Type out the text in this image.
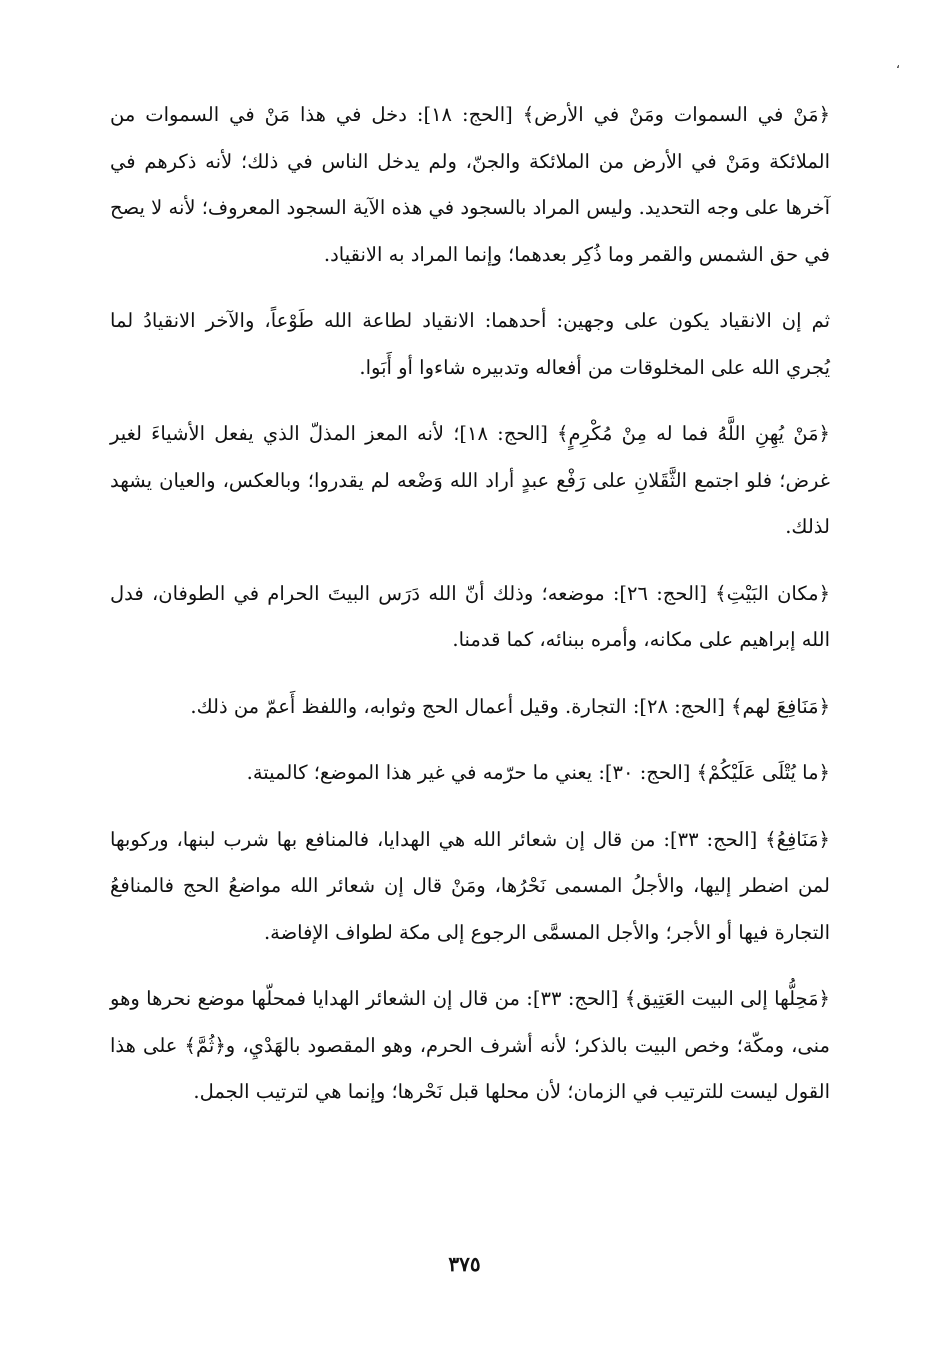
،

﴿مَنْ في السموات ومَنْ في الأرض﴾ [الحج: ١٨]: دخل في هذا مَنْ في السموات من الملائكة ومَنْ في الأرض من الملائكة والجنّ، ولم يدخل الناس في ذلك؛ لأنه ذكرهم في آخرها على وجه التحديد. وليس المراد بالسجود في هذه الآية السجود المعروف؛ لأنه لا يصح في حق الشمس والقمر وما ذُكِر بعدهما؛ وإنما المراد به الانقياد.

ثم إن الانقياد يكون على وجهين: أحدهما: الانقياد لطاعة الله طَوْعاً، والآخر الانقيادُ لما يُجري الله على المخلوقات من أفعاله وتدبيره شاءوا أو أَبَوا.

﴿مَنْ يُهِنِ اللَّهُ فما له مِنْ مُكْرِمٍ﴾ [الحج: ١٨]؛ لأنه المعز المذلّ الذي يفعل الأشياءَ لغير غرض؛ فلو اجتمع الثَّقَلانِ على رَفْع عبدٍ أراد الله وَضْعه لم يقدروا؛ وبالعكس، والعيان يشهد لذلك.

﴿مكان البَيْتِ﴾ [الحج: ٢٦]: موضعه؛ وذلك أنّ الله دَرَس البيتَ الحرام في الطوفان، فدل الله إبراهيم على مكانه، وأمره ببنائه، كما قدمنا.

﴿مَنَافِعَ لهم﴾ [الحج: ٢٨]: التجارة. وقيل أعمال الحج وثوابه، واللفظ أَعمّ من ذلك.

﴿ما يُتْلَى عَلَيْكُمْ﴾ [الحج: ٣٠]: يعني ما حرّمه في غير هذا الموضع؛ كالميتة.

﴿مَنَافِعُ﴾ [الحج: ٣٣]: من قال إن شعائر الله هي الهدايا، فالمنافع بها شرب لبنها، وركوبها لمن اضطر إليها، والأجلُ المسمى نَحْرُها، ومَنْ قال إن شعائر الله مواضعُ الحج فالمنافعُ التجارة فيها أو الأجر؛ والأجل المسمَّى الرجوع إلى مكة لطواف الإفاضة.

﴿مَحِلُّها إلى البيت العَتِيق﴾ [الحج: ٣٣]: من قال إن الشعائر الهدايا فمحلّها موضع نحرها وهو منى، ومكّة؛ وخص البيت بالذكر؛ لأنه أشرف الحرم، وهو المقصود بالهَدْيِ، و﴿ثُمَّ﴾ على هذا القول ليست للترتيب في الزمان؛ لأن محلها قبل نَحْرها؛ وإنما هي لترتيب الجمل.

٣٧٥
